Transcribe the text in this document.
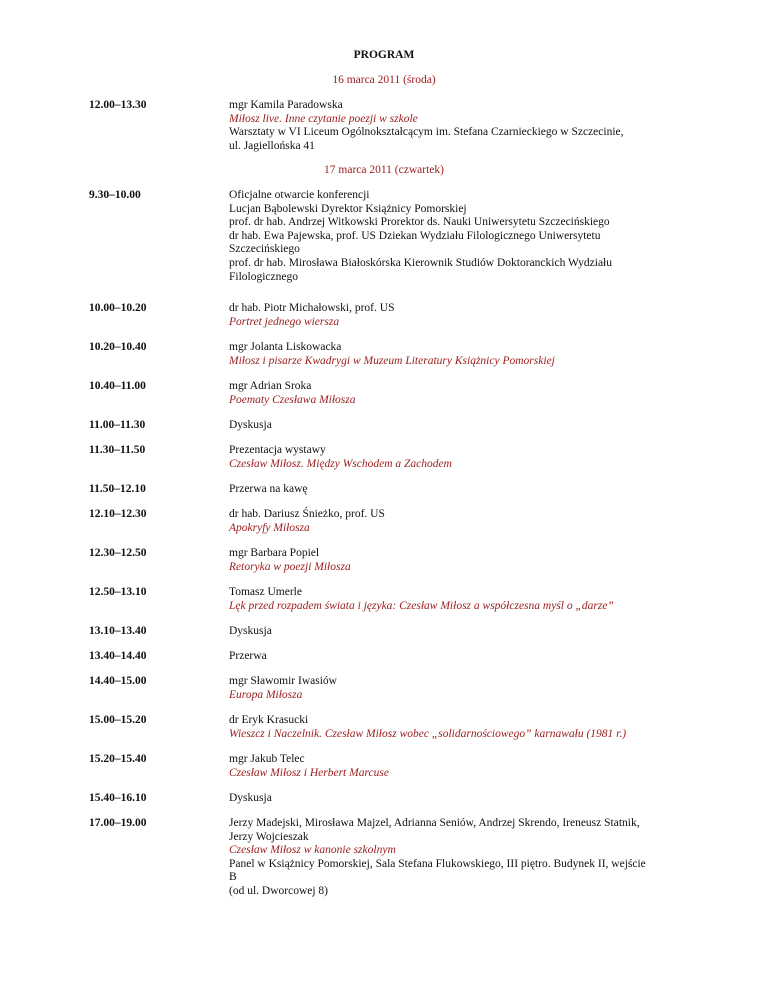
PROGRAM
16 marca 2011 (środa)
12.00–13.30	mgr Kamila Paradowska
Miłosz live. Inne czytanie poezji w szkole
Warsztaty w VI Liceum Ogólnokształcącym im. Stefana Czarnieckiego w Szczecinie,
ul. Jagiellońska 41
17 marca 2011 (czwartek)
9.30–10.00	Oficjalne otwarcie konferencji
Lucjan Bąbolewski Dyrektor Książnicy Pomorskiej
prof. dr hab. Andrzej Witkowski Prorektor ds. Nauki Uniwersytetu Szczecińskiego
dr hab. Ewa Pajewska, prof. US Dziekan Wydziału Filologicznego Uniwersytetu
Szczecińskiego
prof. dr hab. Mirosława Białoskórska Kierownik Studiów Doktoranckich Wydziału
Filologicznego
10.00–10.20	dr hab. Piotr Michałowski, prof. US
Portret jednego wiersza
10.20–10.40	mgr Jolanta Liskowacka
Miłosz i pisarze Kwadrygi w Muzeum Literatury Książnicy Pomorskiej
10.40–11.00	mgr Adrian Sroka
Poematy Czesława Miłosza
11.00–11.30	Dyskusja
11.30–11.50	Prezentacja wystawy
Czesław Miłosz. Między Wschodem a Zachodem
11.50–12.10	Przerwa na kawę
12.10–12.30	dr hab. Dariusz Śnieżko, prof. US
Apokryfy Miłosza
12.30–12.50	mgr Barbara Popiel
Retoryka w poezji Miłosza
12.50–13.10	Tomasz Umerle
Lęk przed rozpadem świata i języka: Czesław Miłosz a współczesna myśl o „darze”
13.10–13.40	Dyskusja
13.40–14.40	Przerwa
14.40–15.00	mgr Sławomir Iwasiów
Europa Miłosza
15.00–15.20	dr Eryk Krasucki
Wieszcz i Naczelnik. Czesław Miłosz wobec „solidarnościowego” karnawału (1981 r.)
15.20–15.40	mgr Jakub Telec
Czesław Miłosz i Herbert Marcuse
15.40–16.10	Dyskusja
17.00–19.00	Jerzy Madejski, Mirosława Majzel, Adrianna Seniów, Andrzej Skrendo, Ireneusz Statnik,
Jerzy Wojcieszak
Czesław Miłosz w kanonie szkolnym
Panel w Książnicy Pomorskiej, Sala Stefana Flukowskiego, III piętro. Budynek II, wejście B
(od ul. Dworcowej 8)
